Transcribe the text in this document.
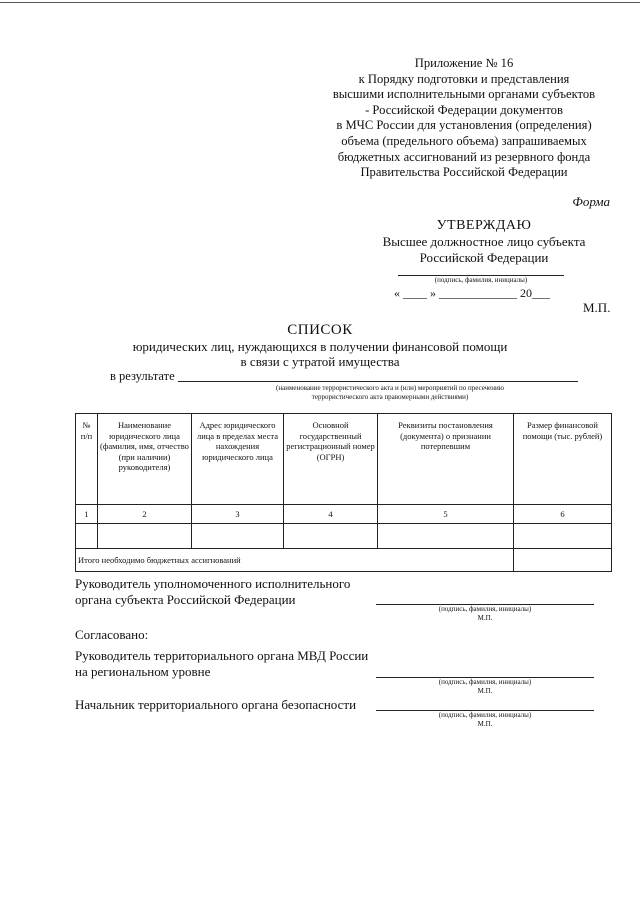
Приложение № 16
к Порядку подготовки и представления
высшими исполнительными органами субъектов
- Российской Федерации документов
в МЧС России для установления (определения)
объема (предельного объема) запрашиваемых
бюджетных ассигнований из резервного фонда
Правительства Российской Федерации
Форма
УТВЕРЖДАЮ
Высшее должностное лицо субъекта
Российской Федерации
(подпись, фамилия, инициалы)
« ____ » _____________ 20___
М.П.
СПИСОК
юридических лиц, нуждающихся в получении финансовой помощи
в связи с утратой имущества
в результате
(наименование террористического акта и (или) мероприятий по пресечению
террористического акта правомерными действиями)
№ п/п	Наименование юридического лица (фамилия, имя, отчество (при наличии) руководителя)	Адрес юридического лица в пределах места нахождения юридического лица	Основной государственный регистрационный номер (ОГРН)	Реквизиты постановления (документа) о признании потерпевшим	Размер финансовой помощи (тыс. рублей)
1	2	3	4	5	6

Итого необходимо бюджетных ассигнований					
Руководитель уполномоченного исполнительного
органа субъекта Российской Федерации
(подпись, фамилия, инициалы)
М.П.
Согласовано:
Руководитель территориального органа МВД России
на региональном уровне
(подпись, фамилия, инициалы)
М.П.
Начальник территориального органа безопасности
(подпись, фамилия, инициалы)
М.П.
